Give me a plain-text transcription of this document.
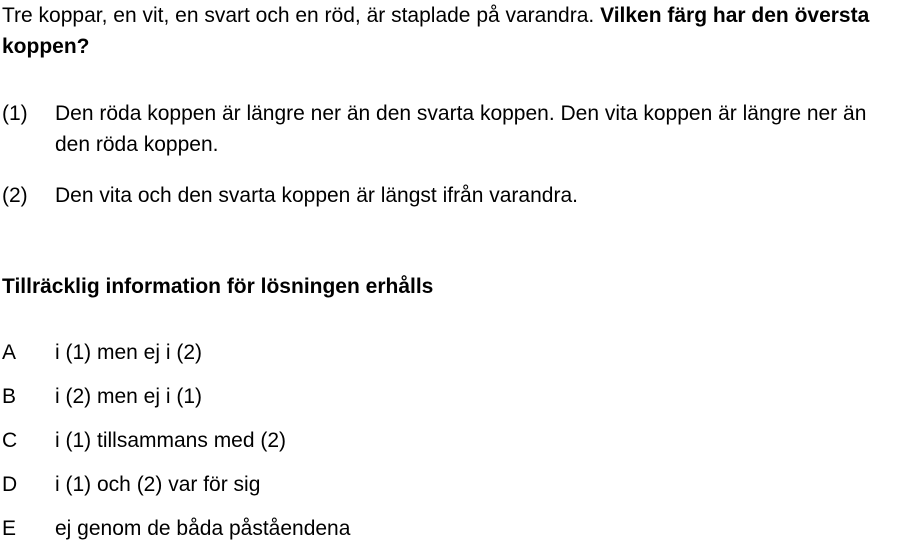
Tre koppar, en vit, en svart och en röd, är staplade på varandra. Vilken färg har den översta koppen?
(1)	Den röda koppen är längre ner än den svarta koppen. Den vita koppen är längre ner än den röda koppen.
(2)	Den vita och den svarta koppen är längst ifrån varandra.
Tillräcklig information för lösningen erhålls
A	i (1) men ej i (2)
B	i (2) men ej i (1)
C	i (1) tillsammans med (2)
D	i (1) och (2) var för sig
E	ej genom de båda påståendena
